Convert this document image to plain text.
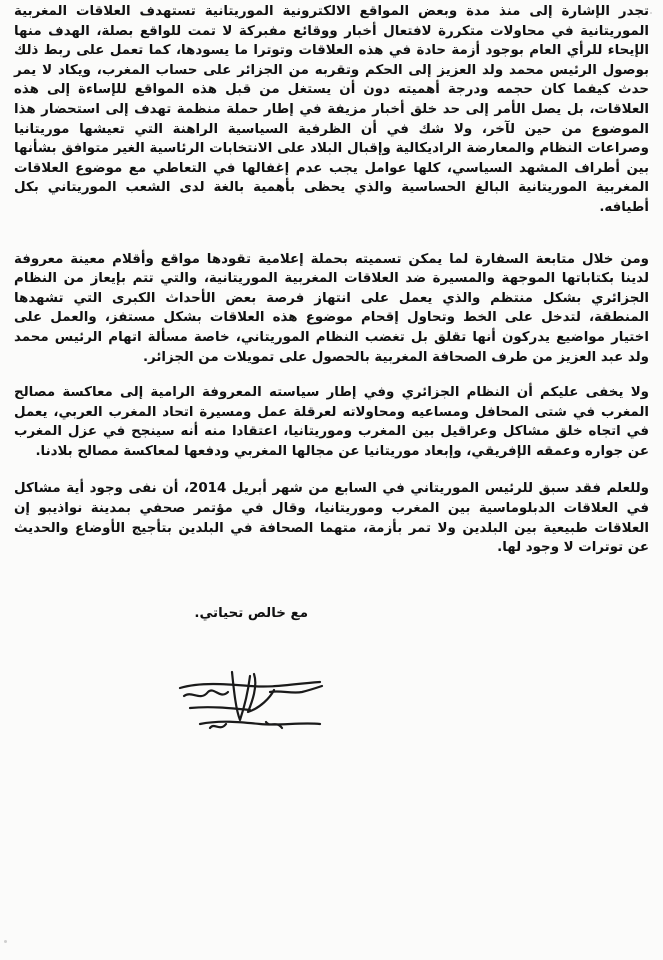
تجدر الإشارة إلى منذ مدة وبعض المواقع الالكترونية الموريتانية تستهدف العلاقات المغربية الموريتانية في محاولات متكررة لافتعال أخبار ووقائع مفبركة لا تمت للواقع بصلة، الهدف منها الإيحاء للرأي العام بوجود أزمة حادة في هذه العلاقات وتوترا ما يسودها، كما تعمل على ربط ذلك بوصول الرئيس محمد ولد العزيز إلى الحكم وتقربه من الجزائر على حساب المغرب، ويكاد لا يمر حدث كيفما كان حجمه ودرجة أهميته دون أن يستغل من قبل هذه المواقع للإساءة إلى هذه العلاقات، بل يصل الأمر إلى حد خلق أخبار مزيفة في إطار حملة منظمة تهدف إلى استحضار هذا الموضوع من حين لآخر، ولا شك في أن الظرفية السياسية الراهنة التي تعيشها موريتانيا وصراعات النظام والمعارضة الراديكالية وإقبال البلاد على الانتخابات الرئاسية الغير متوافق بشأنها بين أطراف المشهد السياسي، كلها عوامل يجب عدم إغفالها في التعاطي مع موضوع العلاقات المغربية الموريتانية البالغ الحساسية والذي يحظى بأهمية بالغة لدى الشعب الموريتاني بكل أطيافه.

ومن خلال متابعة السفارة لما يمكن تسميته بحملة إعلامية تقودها مواقع وأقلام معينة معروفة لدينا بكتاباتها الموجهة والمسيرة ضد العلاقات المغربية الموريتانية، والتي تتم بإيعاز من النظام الجزائري بشكل منتظم والذي يعمل على انتهاز فرصة بعض الأحداث الكبرى التي تشهدها المنطقة، لتدخل على الخط وتحاول إقحام موضوع هذه العلاقات بشكل مستفز، والعمل على اختيار مواضيع يدركون أنها تقلق بل تغضب النظام الموريتاني، خاصة مسألة اتهام الرئيس محمد ولد عبد العزيز من طرف الصحافة المغربية بالحصول على تمويلات من الجزائر.

ولا يخفى عليكم أن النظام الجزائري وفي إطار سياسته المعروفة الرامية إلى معاكسة مصالح المغرب في شتى المحافل ومساعيه ومحاولاته لعرقلة عمل ومسيرة اتحاد المغرب العربي، يعمل في اتجاه خلق مشاكل وعراقيل بين المغرب وموريتانيا، اعتقادا منه أنه سينجح في عزل المغرب عن جواره وعمقه الإفريقي، وإبعاد موريتانيا عن مجالها المغربي ودفعها لمعاكسة مصالح بلادنا.

وللعلم فقد سبق للرئيس الموريتاني في السابع من شهر أبريل 2014، أن نفى وجود أية مشاكل في العلاقات الدبلوماسية بين المغرب وموريتانيا، وقال في مؤتمر صحفي بمدينة نواذيبو إن العلاقات طبيعية بين البلدين ولا تمر بأزمة، متهما الصحافة في البلدين بتأجيج الأوضاع والحديث عن توترات لا وجود لها.

مع خالص تحياتي.
